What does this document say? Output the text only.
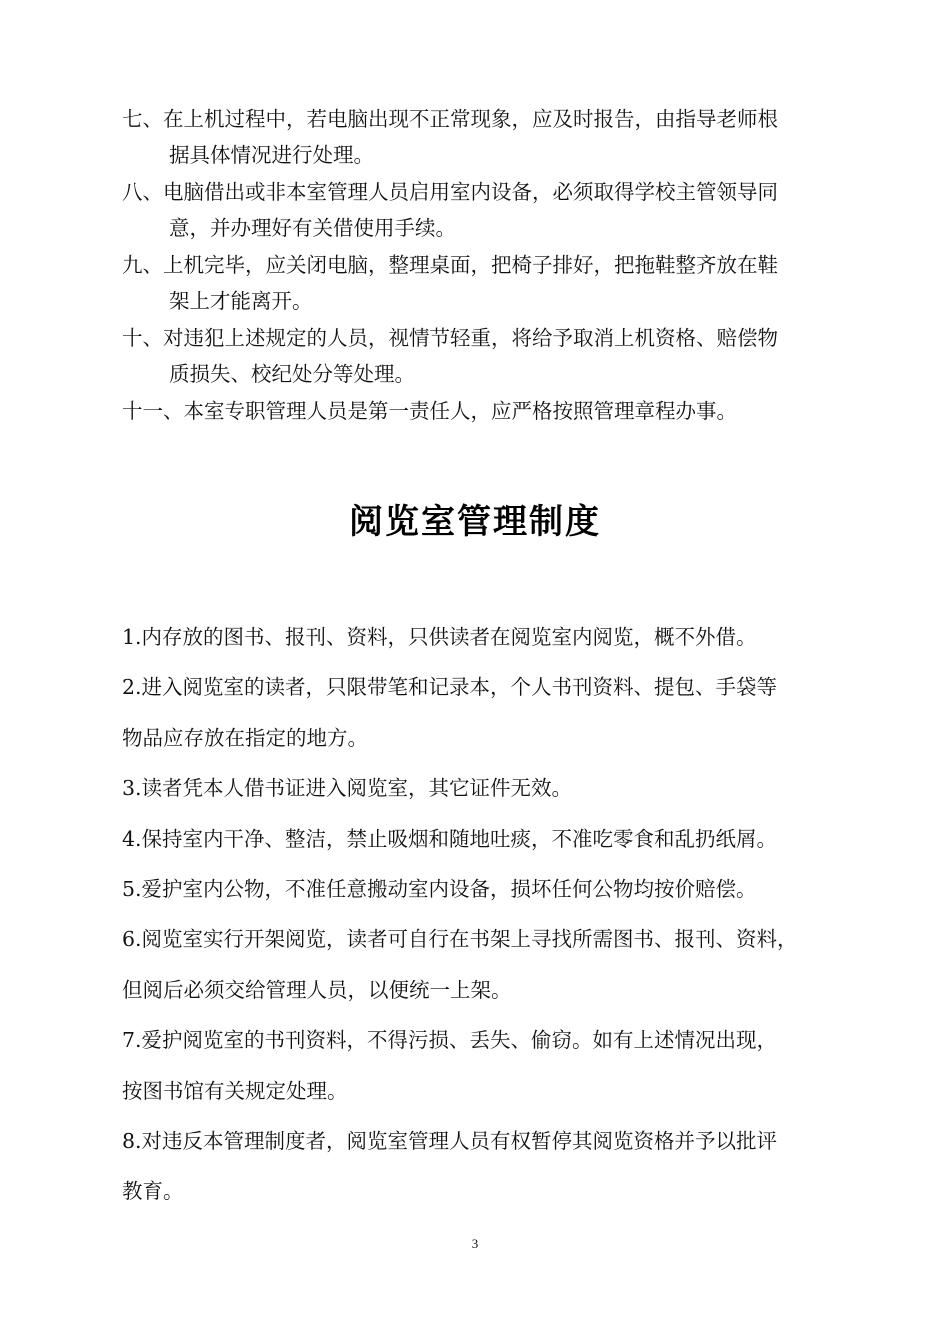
七、在上机过程中，若电脑出现不正常现象，应及时报告，由指导老师根
据具体情况进行处理。

八、电脑借出或非本室管理人员启用室内设备，必须取得学校主管领导同
意，并办理好有关借使用手续。

九、上机完毕，应关闭电脑，整理桌面，把椅子排好，把拖鞋整齐放在鞋
架上才能离开。

十、对违犯上述规定的人员，视情节轻重，将给予取消上机资格、赔偿物
质损失、校纪处分等处理。

十一、本室专职管理人员是第一责任人，应严格按照管理章程办事。

阅览室管理制度

1.内存放的图书、报刊、资料，只供读者在阅览室内阅览，概不外借。

2.进入阅览室的读者，只限带笔和记录本，个人书刊资料、提包、手袋等
物品应存放在指定的地方。

3.读者凭本人借书证进入阅览室，其它证件无效。

4.保持室内干净、整洁，禁止吸烟和随地吐痰，不准吃零食和乱扔纸屑。

5.爱护室内公物，不准任意搬动室内设备，损坏任何公物均按价赔偿。

6.阅览室实行开架阅览，读者可自行在书架上寻找所需图书、报刊、资料，
但阅后必须交给管理人员，以便统一上架。

7.爱护阅览室的书刊资料，不得污损、丢失、偷窃。如有上述情况出现，
按图书馆有关规定处理。

8.对违反本管理制度者，阅览室管理人员有权暂停其阅览资格并予以批评
教育。

3
